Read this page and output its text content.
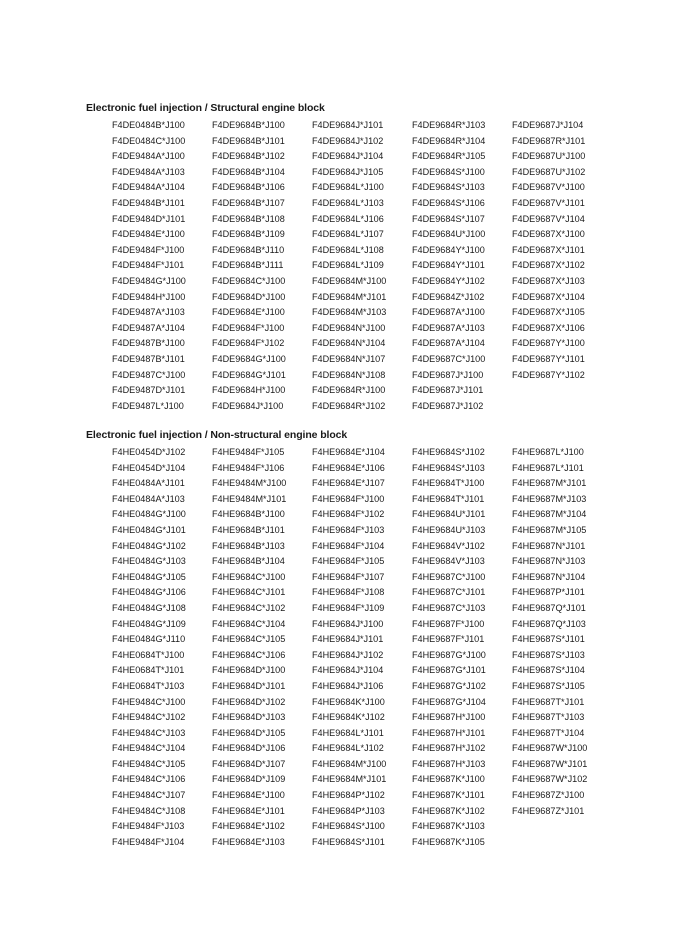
Electronic fuel injection / Structural engine block
F4DE0484B*J100
F4DE0484C*J100
F4DE9484A*J100
F4DE9484A*J103
F4DE9484A*J104
F4DE9484B*J101
F4DE9484D*J101
F4DE9484E*J100
F4DE9484F*J100
F4DE9484F*J101
F4DE9484G*J100
F4DE9484H*J100
F4DE9487A*J103
F4DE9487A*J104
F4DE9487B*J100
F4DE9487B*J101
F4DE9487C*J100
F4DE9487D*J101
F4DE9487L*J100
F4DE9684B*J100
F4DE9684B*J101
F4DE9684B*J102
F4DE9684B*J104
F4DE9684B*J106
F4DE9684B*J107
F4DE9684B*J108
F4DE9684B*J109
F4DE9684B*J110
F4DE9684B*J111
F4DE9684C*J100
F4DE9684D*J100
F4DE9684E*J100
F4DE9684F*J100
F4DE9684F*J102
F4DE9684G*J100
F4DE9684G*J101
F4DE9684H*J100
F4DE9684J*J100
F4DE9684J*J101
F4DE9684J*J102
F4DE9684J*J104
F4DE9684J*J105
F4DE9684L*J100
F4DE9684L*J103
F4DE9684L*J106
F4DE9684L*J107
F4DE9684L*J108
F4DE9684L*J109
F4DE9684M*J100
F4DE9684M*J101
F4DE9684M*J103
F4DE9684N*J100
F4DE9684N*J104
F4DE9684N*J107
F4DE9684N*J108
F4DE9684R*J100
F4DE9684R*J102
F4DE9684R*J103
F4DE9684R*J104
F4DE9684R*J105
F4DE9684S*J100
F4DE9684S*J103
F4DE9684S*J106
F4DE9684S*J107
F4DE9684U*J100
F4DE9684Y*J100
F4DE9684Y*J101
F4DE9684Y*J102
F4DE9684Z*J102
F4DE9687A*J100
F4DE9687A*J103
F4DE9687A*J104
F4DE9687C*J100
F4DE9687J*J100
F4DE9687J*J101
F4DE9687J*J102
F4DE9687J*J104
F4DE9687R*J101
F4DE9687U*J100
F4DE9687U*J102
F4DE9687V*J100
F4DE9687V*J101
F4DE9687V*J104
F4DE9687X*J100
F4DE9687X*J101
F4DE9687X*J102
F4DE9687X*J103
F4DE9687X*J104
F4DE9687X*J105
F4DE9687X*J106
F4DE9687Y*J100
F4DE9687Y*J101
F4DE9687Y*J102
Electronic fuel injection / Non-structural engine block
F4HE0454D*J102
F4HE0454D*J104
F4HE0484A*J101
F4HE0484A*J103
F4HE0484G*J100
F4HE0484G*J101
F4HE0484G*J102
F4HE0484G*J103
F4HE0484G*J105
F4HE0484G*J106
F4HE0484G*J108
F4HE0484G*J109
F4HE0484G*J110
F4HE0684T*J100
F4HE0684T*J101
F4HE0684T*J103
F4HE9484C*J100
F4HE9484C*J102
F4HE9484C*J103
F4HE9484C*J104
F4HE9484C*J105
F4HE9484C*J106
F4HE9484C*J107
F4HE9484C*J108
F4HE9484F*J103
F4HE9484F*J104
F4HE9484F*J105
F4HE9484F*J106
F4HE9484M*J100
F4HE9484M*J101
F4HE9684B*J100
F4HE9684B*J101
F4HE9684B*J103
F4HE9684B*J104
F4HE9684C*J100
F4HE9684C*J101
F4HE9684C*J102
F4HE9684C*J104
F4HE9684C*J105
F4HE9684C*J106
F4HE9684D*J100
F4HE9684D*J101
F4HE9684D*J102
F4HE9684D*J103
F4HE9684D*J105
F4HE9684D*J106
F4HE9684D*J107
F4HE9684D*J109
F4HE9684E*J100
F4HE9684E*J101
F4HE9684E*J102
F4HE9684E*J103
F4HE9684E*J104
F4HE9684E*J106
F4HE9684E*J107
F4HE9684F*J100
F4HE9684F*J102
F4HE9684F*J103
F4HE9684F*J104
F4HE9684F*J105
F4HE9684F*J107
F4HE9684F*J108
F4HE9684F*J109
F4HE9684J*J100
F4HE9684J*J101
F4HE9684J*J102
F4HE9684J*J104
F4HE9684J*J106
F4HE9684K*J100
F4HE9684K*J102
F4HE9684L*J101
F4HE9684L*J102
F4HE9684M*J100
F4HE9684M*J101
F4HE9684P*J102
F4HE9684P*J103
F4HE9684S*J100
F4HE9684S*J101
F4HE9684S*J102
F4HE9684S*J103
F4HE9684T*J100
F4HE9684T*J101
F4HE9684U*J101
F4HE9684U*J103
F4HE9684V*J102
F4HE9684V*J103
F4HE9687C*J100
F4HE9687C*J101
F4HE9687C*J103
F4HE9687F*J100
F4HE9687F*J101
F4HE9687G*J100
F4HE9687G*J101
F4HE9687G*J102
F4HE9687G*J104
F4HE9687H*J100
F4HE9687H*J101
F4HE9687H*J102
F4HE9687H*J103
F4HE9687K*J100
F4HE9687K*J101
F4HE9687K*J102
F4HE9687K*J103
F4HE9687K*J105
F4HE9687L*J100
F4HE9687L*J101
F4HE9687M*J101
F4HE9687M*J103
F4HE9687M*J104
F4HE9687M*J105
F4HE9687N*J101
F4HE9687N*J103
F4HE9687N*J104
F4HE9687P*J101
F4HE9687Q*J101
F4HE9687Q*J103
F4HE9687S*J101
F4HE9687S*J103
F4HE9687S*J104
F4HE9687S*J105
F4HE9687T*J101
F4HE9687T*J103
F4HE9687T*J104
F4HE9687W*J100
F4HE9687W*J101
F4HE9687W*J102
F4HE9687Z*J100
F4HE9687Z*J101
